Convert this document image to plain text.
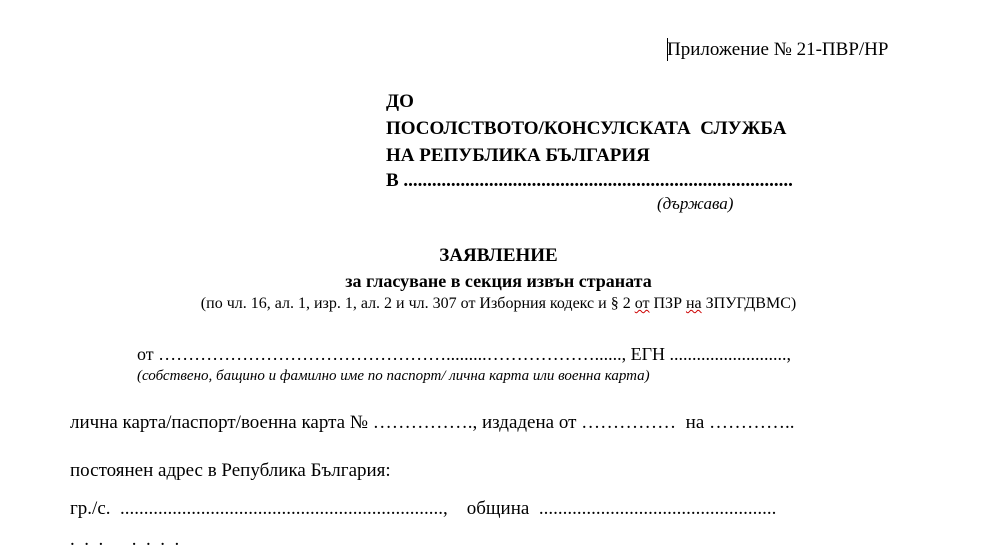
Приложение № 21-ПВР/НР
ДО
ПОСОЛСТВОТО/КОНСУЛСКАТА  СЛУЖБА
НА РЕПУБЛИКА БЪЛГАРИЯ
В ..................................................................................
(държава)
ЗАЯВЛЕНИЕ
за гласуване в секция извън страната
(по чл. 16, ал. 1, изр. 1, ал. 2 и чл. 307 от Изборния кодекс и § 2 от ПЗР на ЗПУГДВМС)
от ………………………………………….........………………......, ЕГН ..........................,
(собствено, бащино и фамилно име по паспорт/ лична карта или военна карта)
лична карта/паспорт/военна карта № ……………., издадена от ……………  на …………..
постоянен адрес в Република България:
гр./с.  ....................................................................,    община  ..................................................
.  .  .      .  .  .  .
